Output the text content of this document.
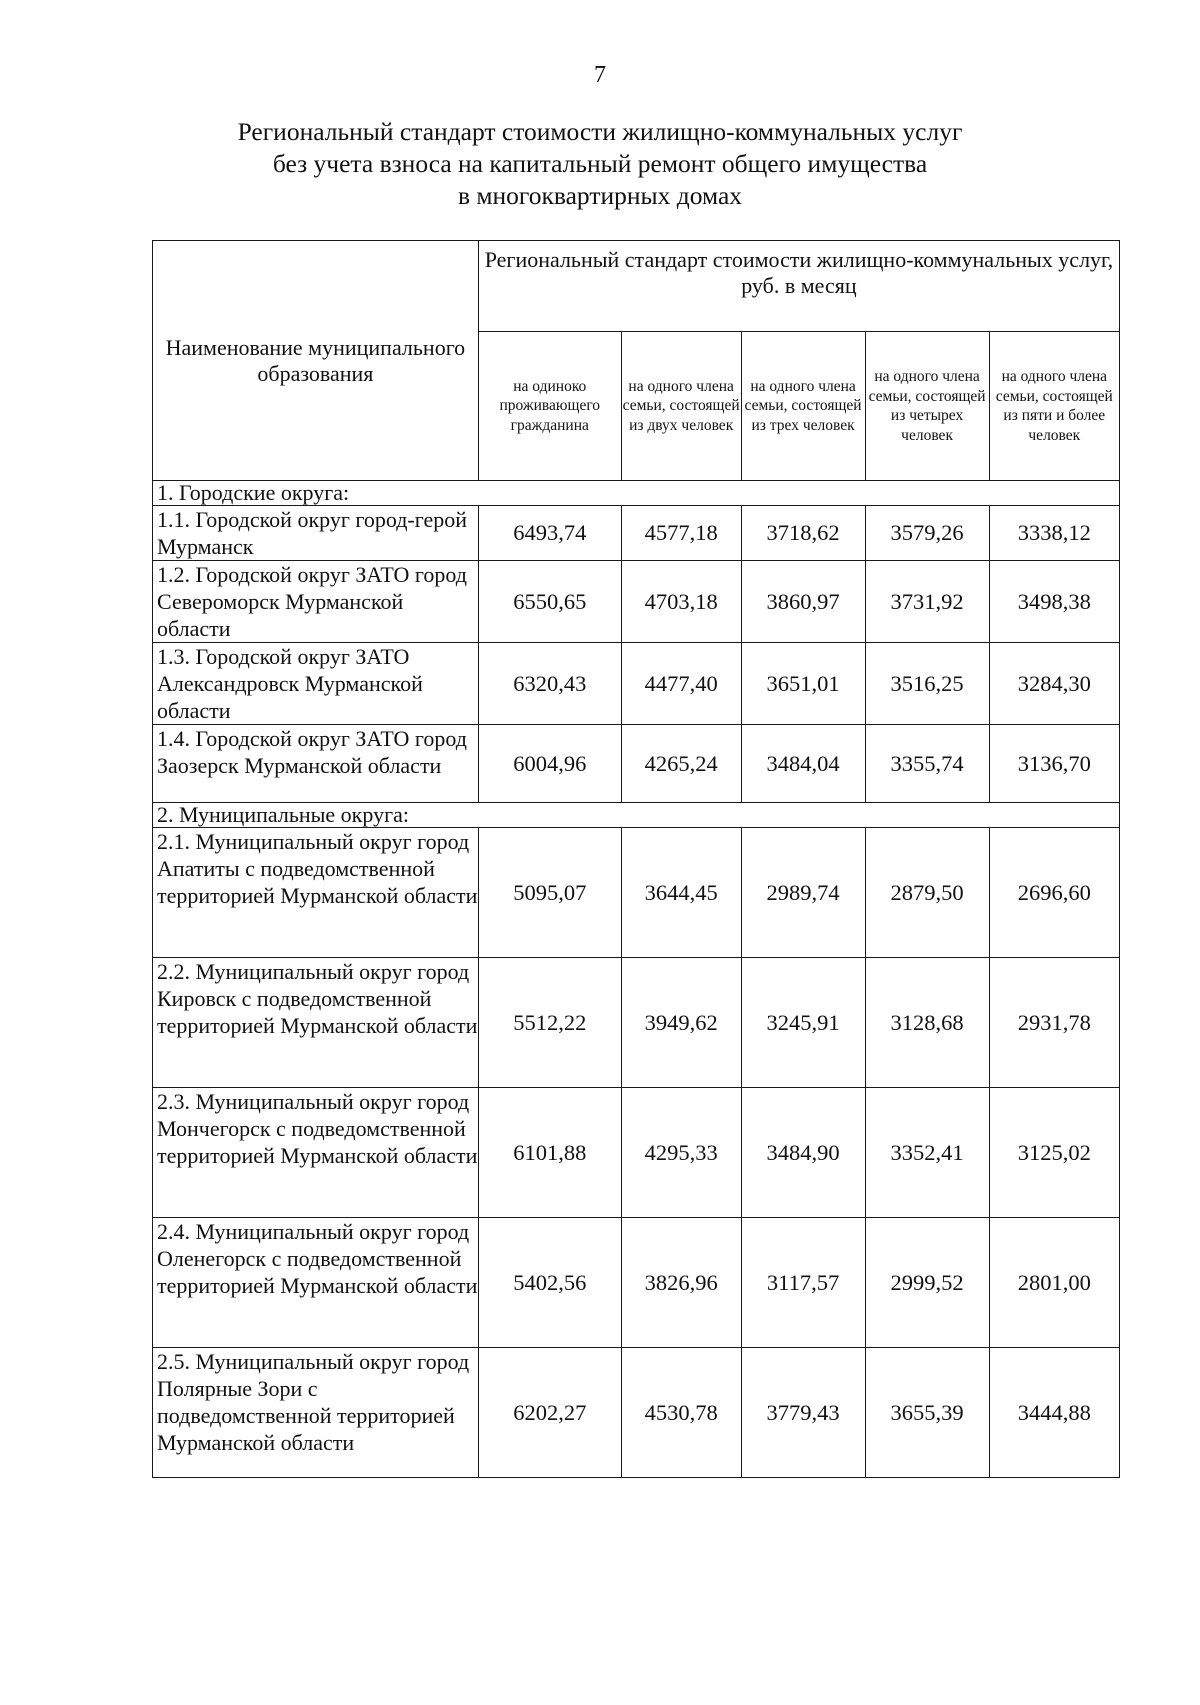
7
Региональный стандарт стоимости жилищно-коммунальных услуг
без учета взноса на капитальный ремонт общего имущества
в многоквартирных домах
Наименование муниципального образования	Региональный стандарт стоимости жилищно-коммунальных услуг, руб. в месяц				
	на одиноко проживающего гражданина	на одного члена семьи, состоящей из двух человек	на одного члена семьи, состоящей из трех человек	на одного члена семьи, состоящей из четырех человек	на одного члена семьи, состоящей из пяти и более человек
1. Городские округа:					
1.1. Городской округ город-герой Мурманск	6493,74	4577,18	3718,62	3579,26	3338,12
1.2. Городской округ ЗАТО город Североморск Мурманской области	6550,65	4703,18	3860,97	3731,92	3498,38
1.3. Городской округ ЗАТО Александровск Мурманской области	6320,43	4477,40	3651,01	3516,25	3284,30
1.4. Городской округ ЗАТО город Заозерск Мурманской области	6004,96	4265,24	3484,04	3355,74	3136,70
2. Муниципальные округа:					
2.1. Муниципальный округ город Апатиты с подведомственной территорией Мурманской области	5095,07	3644,45	2989,74	2879,50	2696,60
2.2. Муниципальный округ город Кировск с подведомственной территорией Мурманской области	5512,22	3949,62	3245,91	3128,68	2931,78
2.3. Муниципальный округ город Мончегорск с подведомственной территорией Мурманской области	6101,88	4295,33	3484,90	3352,41	3125,02
2.4. Муниципальный округ город Оленегорск с подведомственной территорией Мурманской области	5402,56	3826,96	3117,57	2999,52	2801,00
2.5. Муниципальный округ город Полярные Зори с подведомственной территорией Мурманской области	6202,27	4530,78	3779,43	3655,39	3444,88
